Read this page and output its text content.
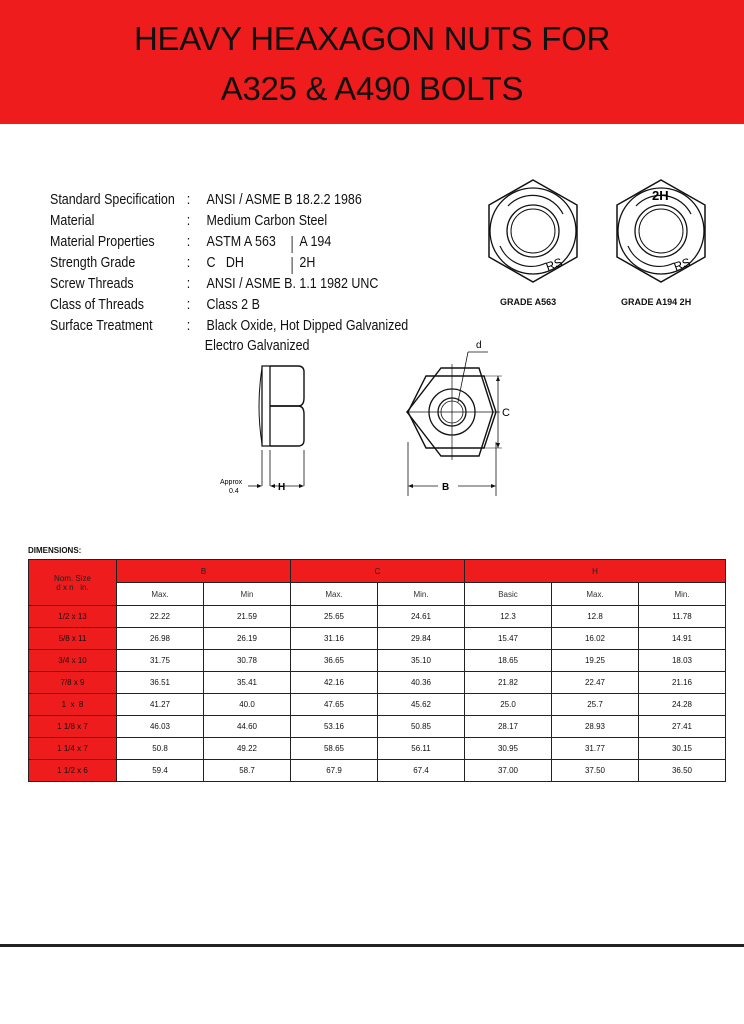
HEAVY HEAXAGON NUTS FOR
A325 & A490 BOLTS
Standard Specification : ANSI / ASME B 18.2.2 1986
Material	: Medium Carbon Steel
Material Properties : ASTM A 563 A 194
Strength Grade	: C   DH	2H
Screw Threads	: ANSI / ASME B. 1.1 1982 UNC
Class of Threads	: Class 2 B
Surface Treatment : Black Oxide, Hot Dipped Galvanized
Electro Galvanized
RS
GRADE A563
2H
RS
GRADE A194 2H
H
Approx
0.4
d
C
B
DIMENSIONS:
Nom. Size
d x n   in.	B		C		H		
	Max.	Min	Max.	Min.	Basic	Max.	Min.
1/2 x 13	22.22	21.59	25.65	24.61	12.3	12.8	11.78
5/8 x 11	26.98	26.19	31.16	29.84	15.47	16.02	14.91
3/4 x 10	31.75	30.78	36.65	35.10	18.65	19.25	18.03
7/8 x 9	36.51	35.41	42.16	40.36	21.82	22.47	21.16
1  x  8	41.27	40.0	47.65	45.62	25.0	25.7	24.28
1 1/8 x 7	46.03	44.60	53.16	50.85	28.17	28.93	27.41
1 1/4 x 7	50.8	49.22	58.65	56.11	30.95	31.77	30.15
1 1/2 x 6	59.4	58.7	67.9	67.4	37.00	37.50	36.50
